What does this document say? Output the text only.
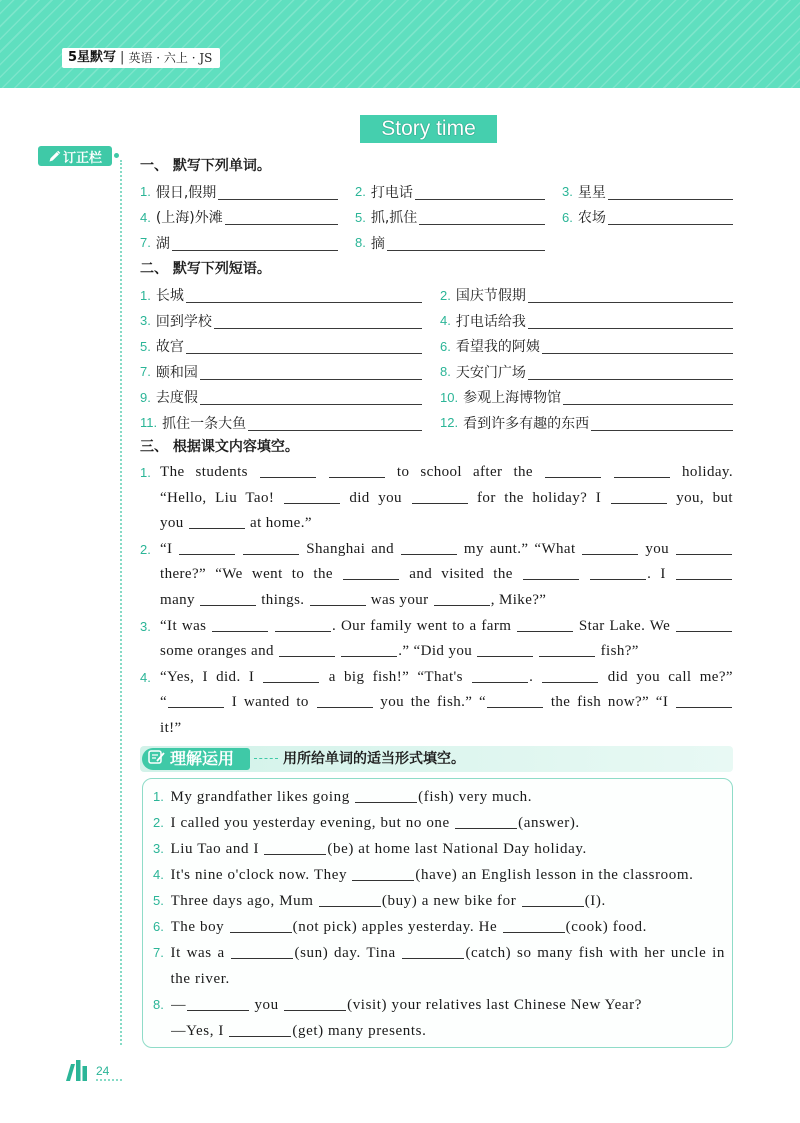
5星默写 | 英语 · 六上 · JS
Story time
订正栏	一、 默写下列单词。
1. 假日,假期	2. 打电话	3. 星星
4. (上海)外滩	5. 抓,抓住	6. 农场
7. 湖	8. 摘
二、 默写下列短语。
1. 长城	2. 国庆节假期
3. 回到学校	4. 打电话给我
5. 故宫	6. 看望我的阿姨
7. 颐和园	8. 天安门广场
9. 去度假	10. 参观上海博物馆
11. 抓住一条大鱼	12. 看到许多有趣的东西
三、 根据课文内容填空。
1. The students	to school after the	holiday.
“Hello, Liu Tao!	did you	for the holiday? I	you, but
you	at home.”
2. “I	Shanghai and	my aunt.” “What	you
there?” “We went to the	and visited the	. I
many	things.	was your	, Mike?”
3. “It was	. Our family went to a farm	Star Lake. We
some oranges and	.” “Did you	fish?”
4. “Yes, I did. I	a big fish!” “That's	.	did you call me?”
“	I wanted to	you the fish.” “	the fish now?” “I
it!”
理解运用	用所给单词的适当形式填空。
1. My grandfather likes going	(fish) very much.
2. I called you yesterday evening, but no one	(answer).
3. Liu Tao and I	(be) at home last National Day holiday.
4. It's nine o'clock now. They	(have) an English lesson in the classroom.
5. Three days ago, Mum	(buy) a new bike for	(I).
6. The boy	(not pick) apples yesterday. He	(cook) food.
7. It was a	(sun) day. Tina	(catch) so many fish with her uncle in
the river.
8. —	you	(visit) your relatives last Chinese New Year?
—Yes, I	(get) many presents.
24
